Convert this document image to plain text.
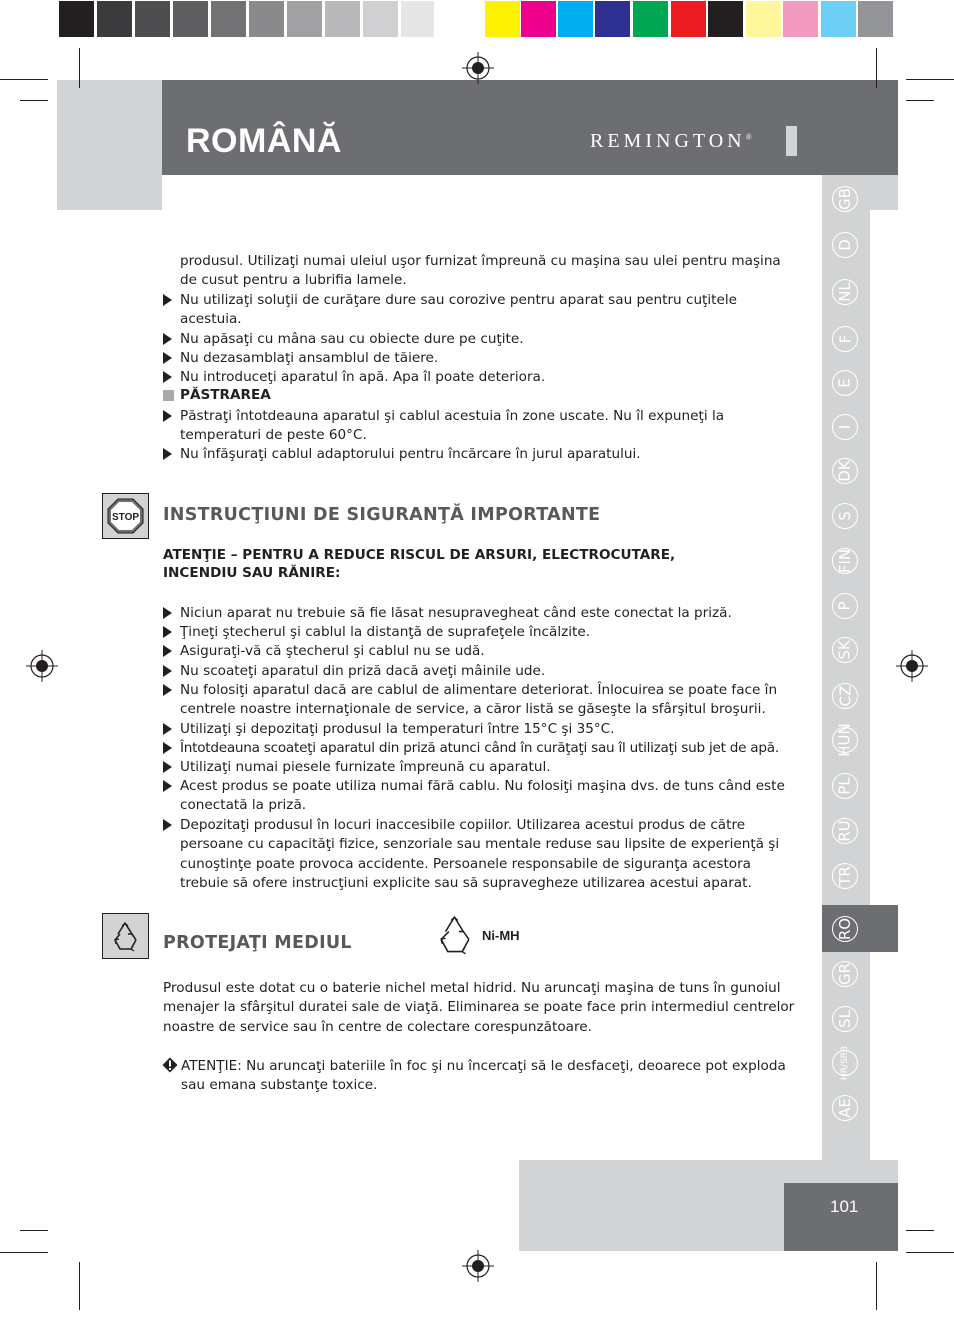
ROMÂNĂ	REMINGTON®
GB
D
NL
F
E
I
DK
S
FIN
P
SK
CZ
HUN
PL
RU
TR
RO
GR
SL
HR/SRB
AE
produsul. Utilizaţi numai uleiul uşor furnizat împreună cu maşina sau ulei pentru maşina de cusut pentru a lubrifia lamele.
Nu utilizaţi soluţii de curăţare dure sau corozive pentru aparat sau pentru cuţitele acestuia.
Nu apăsaţi cu mâna sau cu obiecte dure pe cuţite.
Nu dezasamblaţi ansamblul de tăiere.
Nu introduceţi aparatul în apă. Apa îl poate deteriora.
PĂSTRAREA
Păstraţi întotdeauna aparatul şi cablul acestuia în zone uscate. Nu îl expuneţi la temperaturi de peste 60°C.
Nu înfăşuraţi cablul adaptorului pentru încărcare în jurul aparatului.
STOP INSTRUCŢIUNI DE SIGURANŢĂ IMPORTANTE
ATENŢIE – PENTRU A REDUCE RISCUL DE ARSURI, ELECTROCUTARE,
INCENDIU SAU RĂNIRE:
Niciun aparat nu trebuie să fie lăsat nesupravegheat când este conectat la priză.
Ţineţi ştecherul şi cablul la distanţă de suprafeţele încălzite.
Asiguraţi-vă că ştecherul şi cablul nu se udă.
Nu scoateţi aparatul din priză dacă aveţi mâinile ude.
Nu folosiţi aparatul dacă are cablul de alimentare deteriorat. Înlocuirea se poate face în centrele noastre internaţionale de service, a căror listă se găseşte la sfârşitul broşurii.
Utilizaţi şi depozitaţi produsul la temperaturi între 15°C şi 35°C.
Întotdeauna scoateţi aparatul din priză atunci când în curăţaţi sau îl utilizaţi sub jet de apă.
Utilizaţi numai piesele furnizate împreună cu aparatul.
Acest produs se poate utiliza numai fără cablu. Nu folosiţi maşina dvs. de tuns când este conectată la priză.
Depozitaţi produsul în locuri inaccesibile copiilor. Utilizarea acestui produs de către persoane cu capacităţi fizice, senzoriale sau mentale reduse sau lipsite de experienţă şi cunoştinţe poate provoca accidente. Persoanele responsabile de siguranţa acestora trebuie să ofere instrucţiuni explicite sau să supravegheze utilizarea acestui aparat.
PROTEJAŢI MEDIUL	Ni-MH
Produsul este dotat cu o baterie nichel metal hidrid. Nu aruncaţi maşina de tuns în gunoiul menajer la sfârşitul duratei sale de viaţă. Eliminarea se poate face prin intermediul centrelor noastre de service sau în centre de colectare corespunzătoare.
ATENŢIE: Nu aruncaţi bateriile în foc şi nu încercaţi să le desfaceţi, deoarece pot exploda sau emana substanţe toxice.
101
